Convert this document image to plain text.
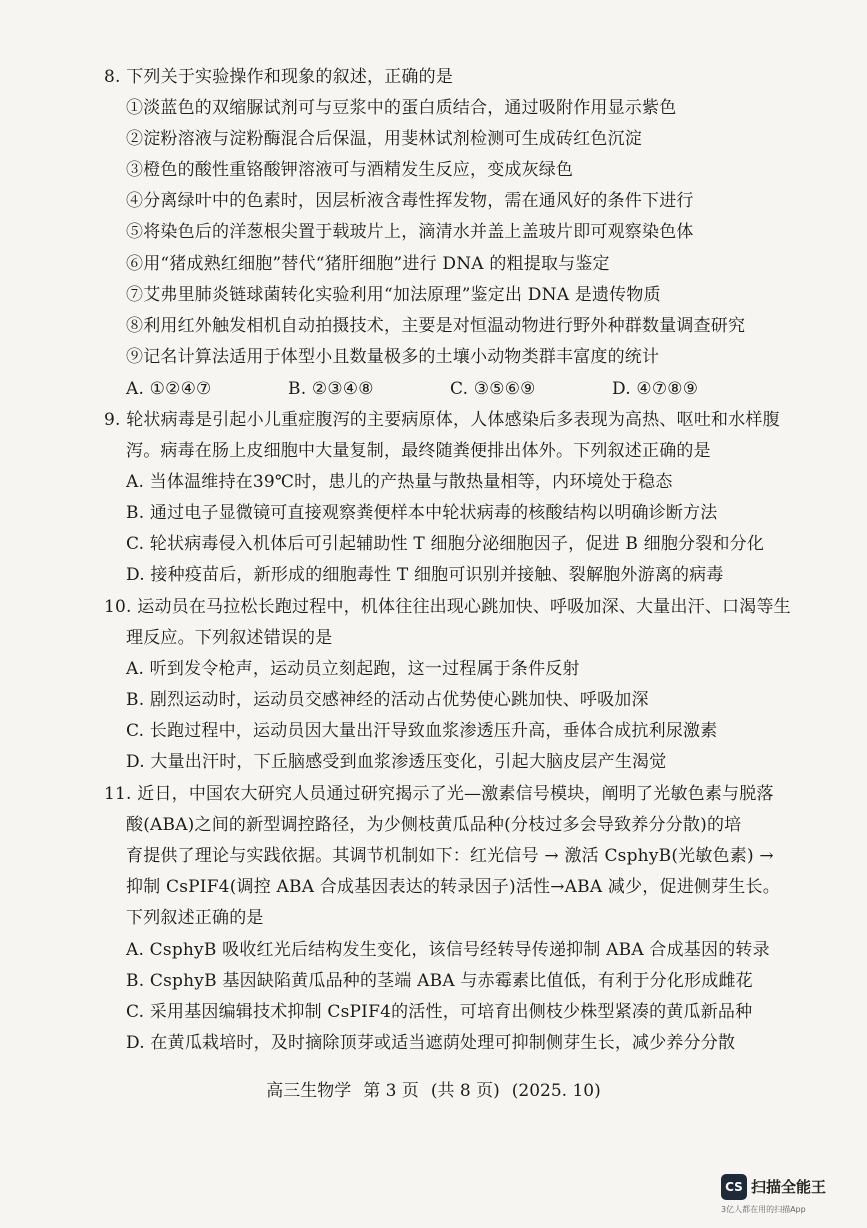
8. 下列关于实验操作和现象的叙述，正确的是
①淡蓝色的双缩脲试剂可与豆浆中的蛋白质结合，通过吸附作用显示紫色
②淀粉溶液与淀粉酶混合后保温，用斐林试剂检测可生成砖红色沉淀
③橙色的酸性重铬酸钾溶液可与酒精发生反应，变成灰绿色
④分离绿叶中的色素时，因层析液含毒性挥发物，需在通风好的条件下进行
⑤将染色后的洋葱根尖置于载玻片上，滴清水并盖上盖玻片即可观察染色体
⑥用“猪成熟红细胞”替代“猪肝细胞”进行 DNA 的粗提取与鉴定
⑦艾弗里肺炎链球菌转化实验利用“加法原理”鉴定出 DNA 是遗传物质
⑧利用红外触发相机自动拍摄技术，主要是对恒温动物进行野外种群数量调查研究
⑨记名计算法适用于体型小且数量极多的土壤小动物类群丰富度的统计
A. ①②④⑦	B. ②③④⑧	C. ③⑤⑥⑨	D. ④⑦⑧⑨
9. 轮状病毒是引起小儿重症腹泻的主要病原体，人体感染后多表现为高热、呕吐和水样腹
泻。病毒在肠上皮细胞中大量复制，最终随粪便排出体外。下列叙述正确的是
A. 当体温维持在39℃时，患儿的产热量与散热量相等，内环境处于稳态
B. 通过电子显微镜可直接观察粪便样本中轮状病毒的核酸结构以明确诊断方法
C. 轮状病毒侵入机体后可引起辅助性 T 细胞分泌细胞因子，促进 B 细胞分裂和分化
D. 接种疫苗后，新形成的细胞毒性 T 细胞可识别并接触、裂解胞外游离的病毒
10. 运动员在马拉松长跑过程中，机体往往出现心跳加快、呼吸加深、大量出汗、口渴等生
理反应。下列叙述错误的是
A. 听到发令枪声，运动员立刻起跑，这一过程属于条件反射
B. 剧烈运动时，运动员交感神经的活动占优势使心跳加快、呼吸加深
C. 长跑过程中，运动员因大量出汗导致血浆渗透压升高，垂体合成抗利尿激素
D. 大量出汗时，下丘脑感受到血浆渗透压变化，引起大脑皮层产生渴觉
11. 近日，中国农大研究人员通过研究揭示了光—激素信号模块，阐明了光敏色素与脱落
酸(ABA)之间的新型调控路径，为少侧枝黄瓜品种(分枝过多会导致养分分散)的培
育提供了理论与实践依据。其调节机制如下：红光信号 → 激活 CsphyB(光敏色素) →
抑制 CsPIF4(调控 ABA 合成基因表达的转录因子)活性→ABA 减少，促进侧芽生长。
下列叙述正确的是
A. CsphyB 吸收红光后结构发生变化，该信号经转导传递抑制 ABA 合成基因的转录
B. CsphyB 基因缺陷黄瓜品种的茎端 ABA 与赤霉素比值低，有利于分化形成雌花
C. 采用基因编辑技术抑制 CsPIF4的活性，可培育出侧枝少株型紧凑的黄瓜新品种
D. 在黄瓜栽培时，及时摘除顶芽或适当遮荫处理可抑制侧芽生长，减少养分分散
高三生物学 第 3 页 (共 8 页) (2025. 10)
CS 扫描全能王
3亿人都在用的扫描App
